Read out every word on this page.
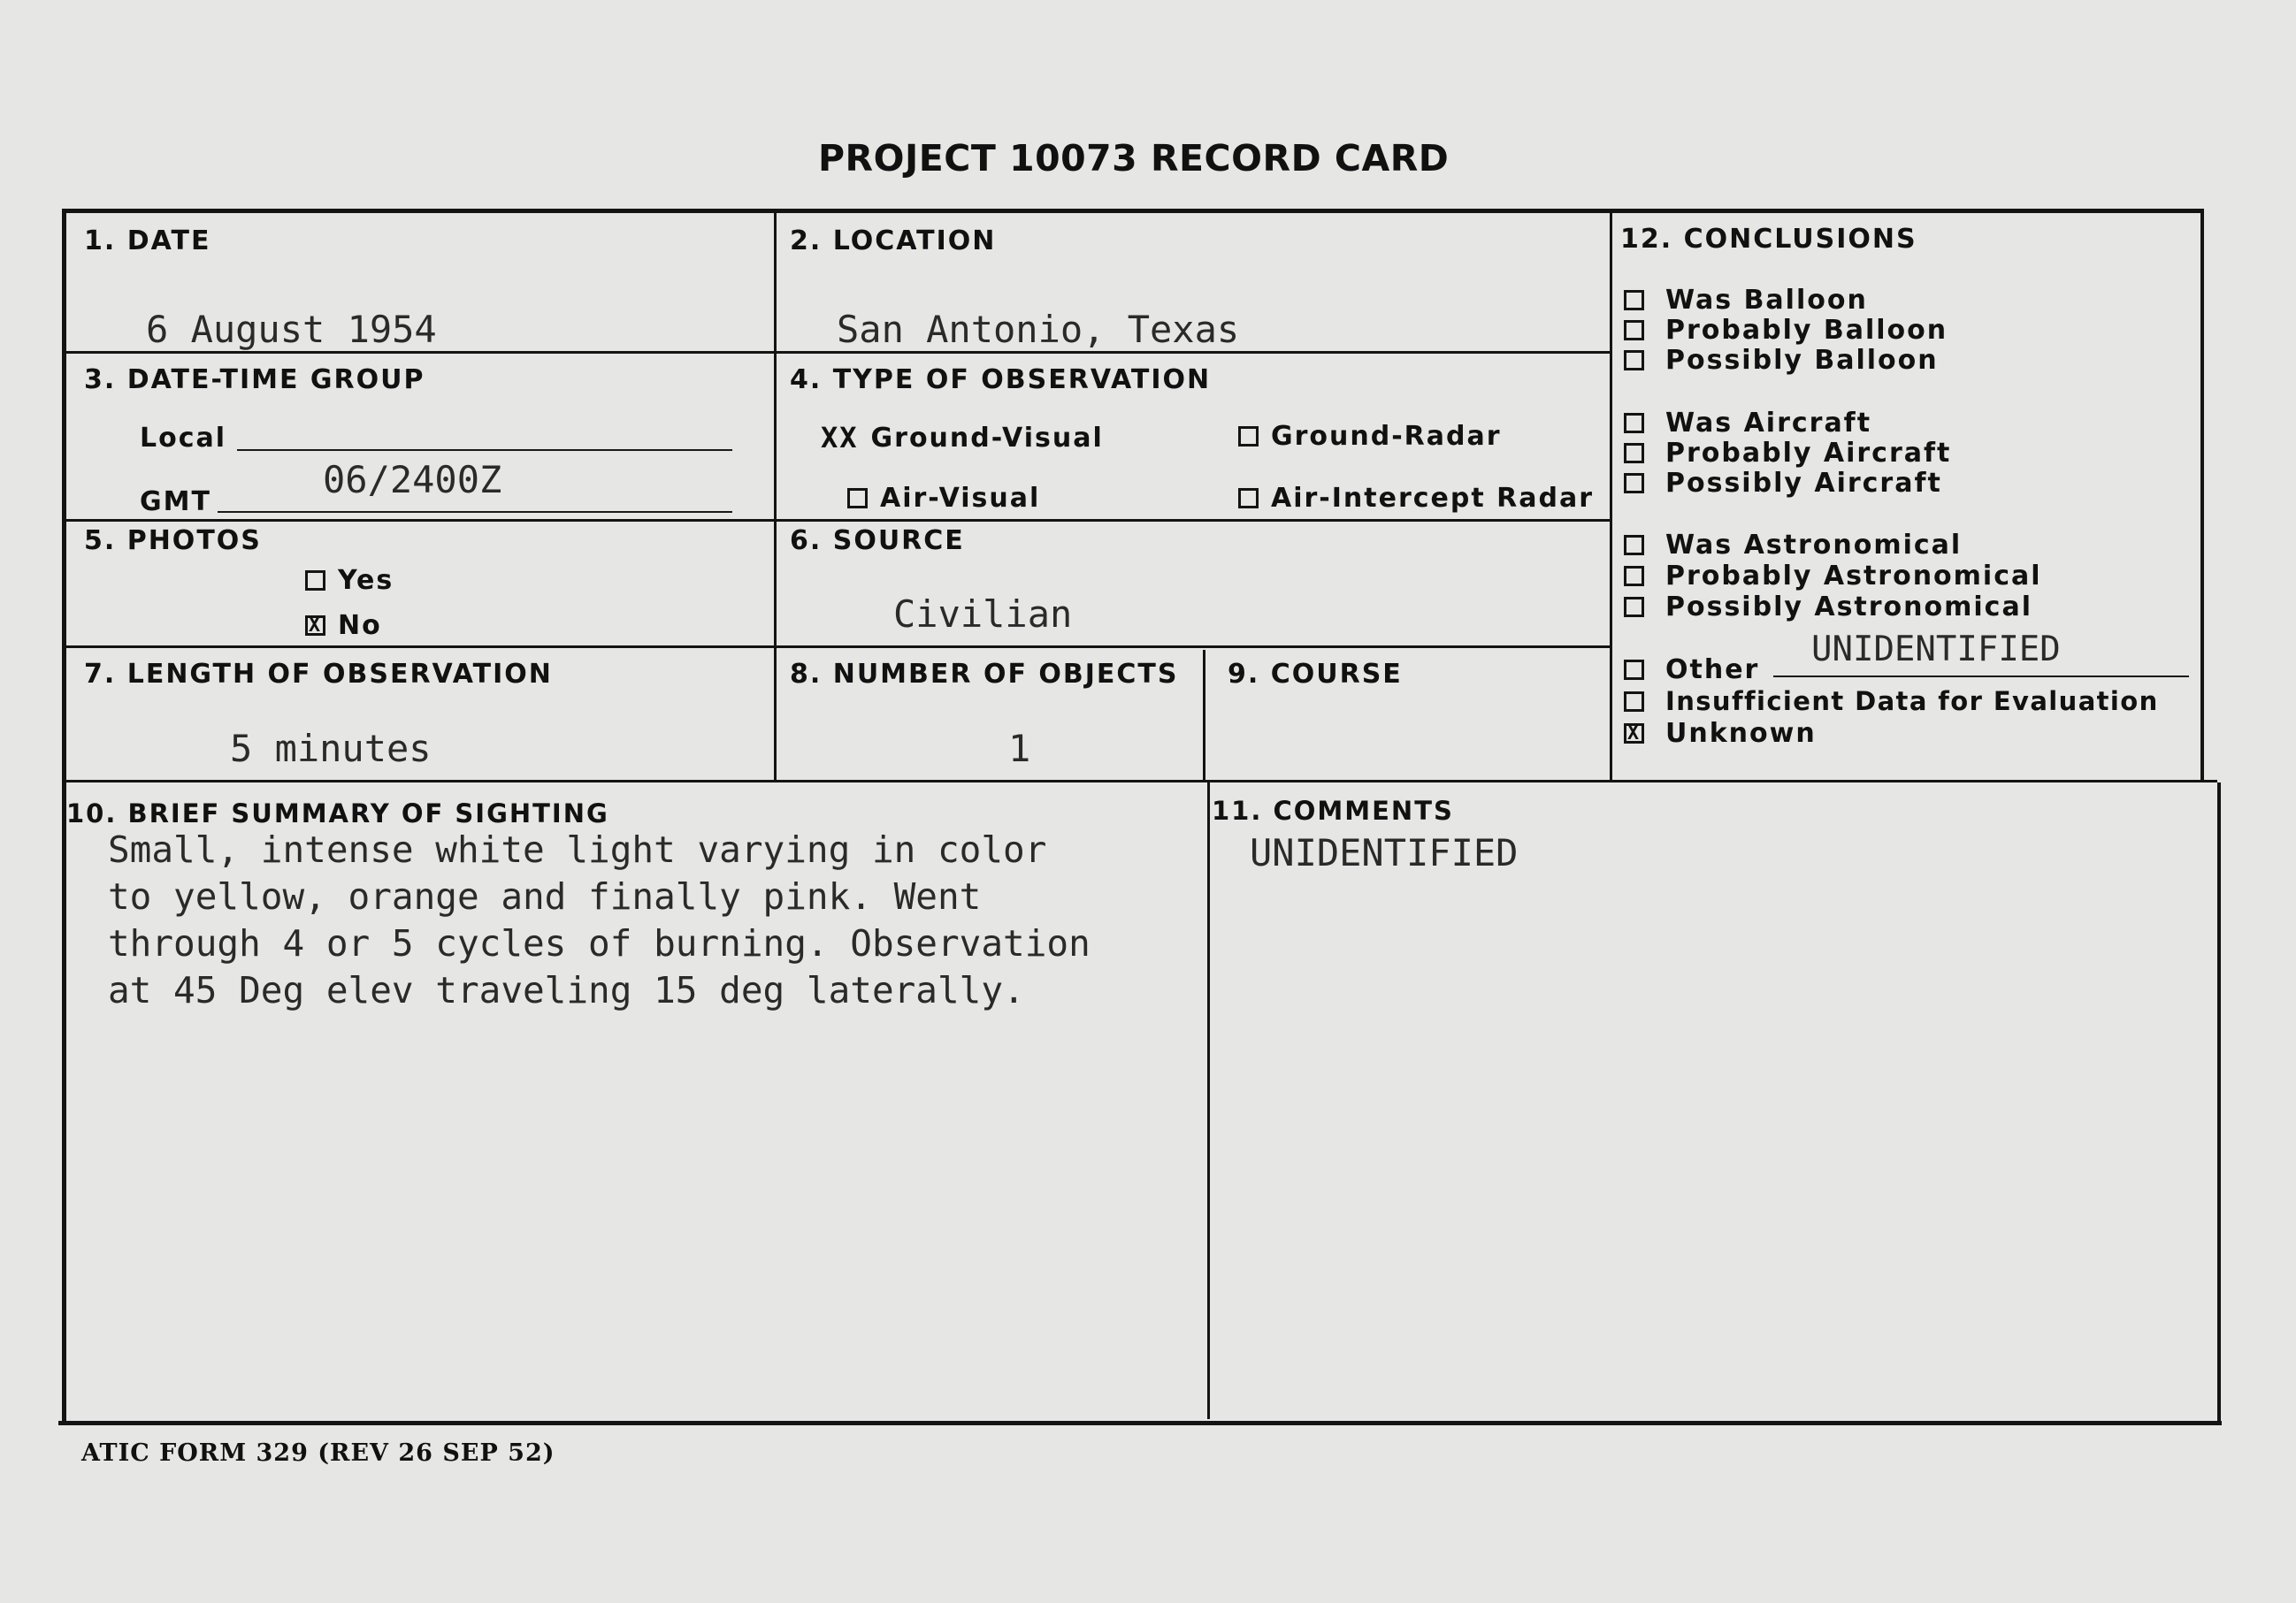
PROJECT 10073 RECORD CARD
1. DATE
6 August 1954
2. LOCATION
San Antonio, Texas
3. DATE-TIME GROUP
Local
GMT
06/2400Z
4. TYPE OF OBSERVATION
XX Ground-Visual	Ground-Radar
Air-Visual	Air-Intercept Radar
5. PHOTOS
Yes
X No
6. SOURCE
Civilian
7. LENGTH OF OBSERVATION
5 minutes
8. NUMBER OF OBJECTS
1
9. COURSE
12. CONCLUSIONS
Was Balloon
Probably Balloon
Possibly Balloon
Was Aircraft
Probably Aircraft
Possibly Aircraft
Was Astronomical
Probably Astronomical
Possibly Astronomical
Other
UNIDENTIFIED
Insufficient Data for Evaluation
X Unknown
10. BRIEF SUMMARY OF SIGHTING
Small, intense white light varying in color
to yellow, orange and finally pink. Went
through 4 or 5 cycles of burning. Observation
at 45 Deg elev traveling 15 deg laterally.
11. COMMENTS
UNIDENTIFIED
ATIC FORM 329 (REV 26 SEP 52)
